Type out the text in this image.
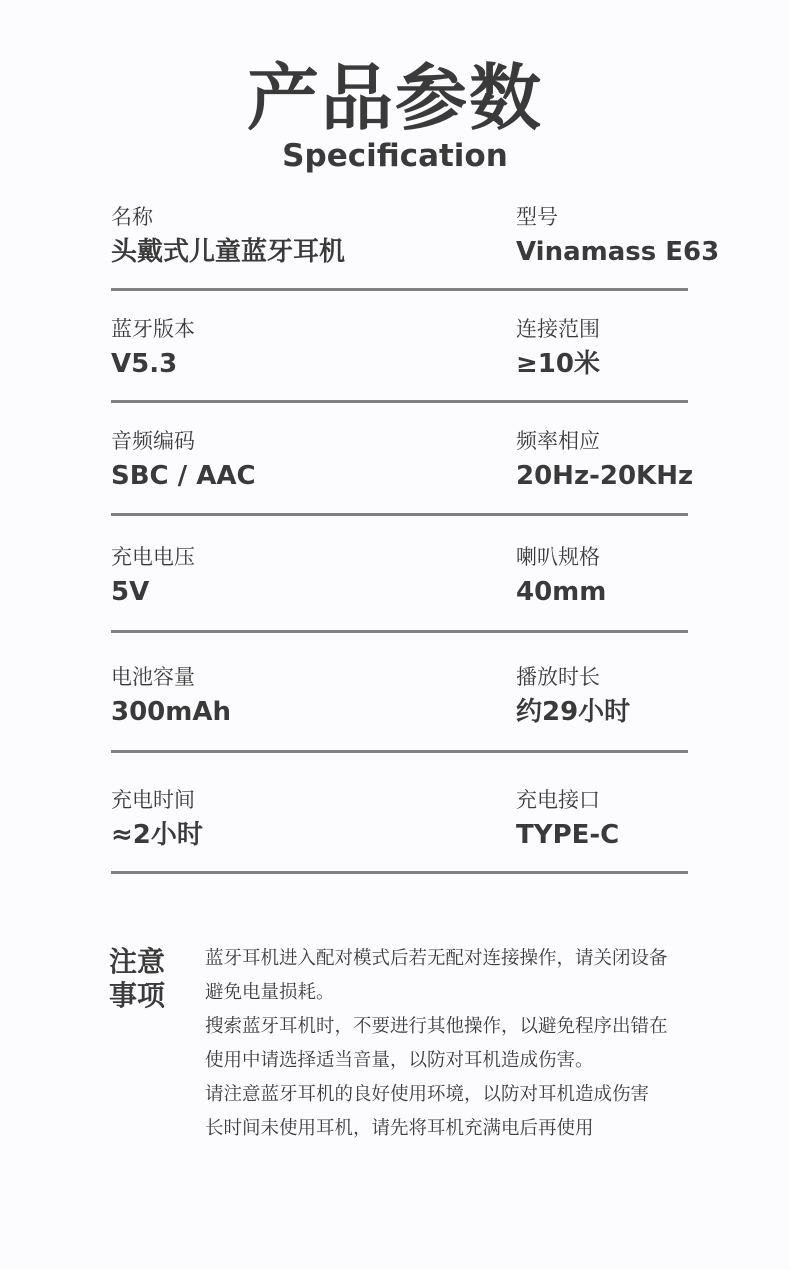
产品参数
Specification
名称
头戴式儿童蓝牙耳机
型号
Vinamass E63
蓝牙版本
V5.3
连接范围
≥10米
音频编码
SBC / AAC
频率相应
20Hz-20KHz
充电电压
5V
喇叭规格
40mm
电池容量
300mAh
播放时长
约29小时
充电时间
≈2小时
充电接口
TYPE-C
注意
事项
蓝牙耳机进入配对模式后若无配对连接操作，请关闭设备
避免电量损耗。
搜索蓝牙耳机时，不要进行其他操作，以避免程序出错在
使用中请选择适当音量，以防对耳机造成伤害。
请注意蓝牙耳机的良好使用环境，以防对耳机造成伤害
长时间未使用耳机，请先将耳机充满电后再使用
